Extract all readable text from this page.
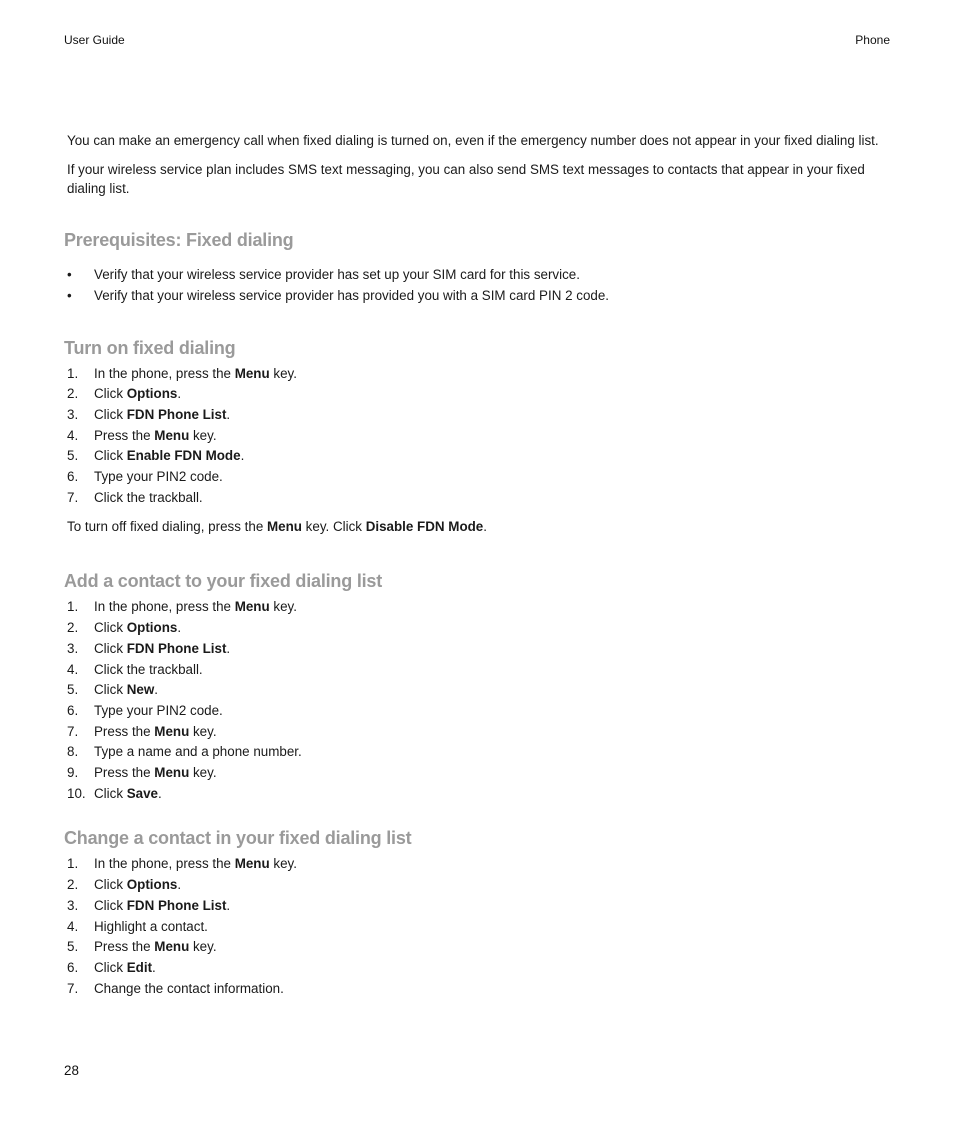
User Guide	Phone

You can make an emergency call when fixed dialing is turned on, even if the emergency number does not appear in your fixed dialing list.

If your wireless service plan includes SMS text messaging, you can also send SMS text messages to contacts that appear in your fixed dialing list.

Prerequisites: Fixed dialing
• Verify that your wireless service provider has set up your SIM card for this service.
• Verify that your wireless service provider has provided you with a SIM card PIN 2 code.
Turn on fixed dialing
1. In the phone, press the Menu key.
2. Click Options.
3. Click FDN Phone List.
4. Press the Menu key.
5. Click Enable FDN Mode.
6. Type your PIN2 code.
7. Click the trackball.

To turn off fixed dialing, press the Menu key. Click Disable FDN Mode.

Add a contact to your fixed dialing list
1. In the phone, press the Menu key.
2. Click Options.
3. Click FDN Phone List.
4. Click the trackball.
5. Click New.
6. Type your PIN2 code.
7. Press the Menu key.
8. Type a name and a phone number.
9. Press the Menu key.
10. Click Save.
Change a contact in your fixed dialing list
1. In the phone, press the Menu key.
2. Click Options.
3. Click FDN Phone List.
4. Highlight a contact.
5. Press the Menu key.
6. Click Edit.
7. Change the contact information.
28
